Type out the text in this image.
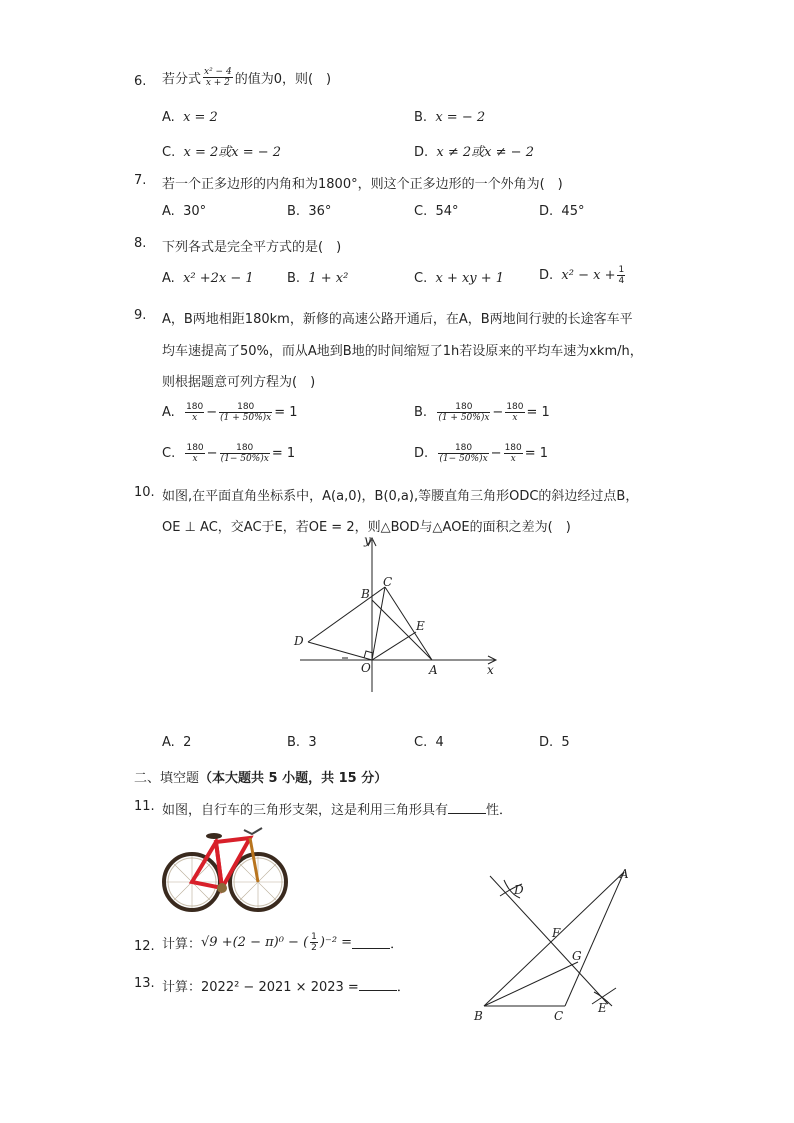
6. 若分式 $\frac{\text{x² − 4}}{x + 2}$ 的值为0，则(　)
A. x = 2	B. x = − 2
C. x = 2或x = − 2	D. x ≠ 2或x ≠ − 2
7. 若一个正多边形的内角和为1800°，则这个正多边形的一个外角为(　)
A. 30°	B. 36°	C. 54°	D. 45°
8. 下列各式是完全平方式的是(　)
A. x² +2x − 1	B. 1 + x²	C. x + xy + 1	D. $x^2 - x + \frac{1}{4}$
9. A，B两地相距180km，新修的高速公路开通后，在A，B两地间行驶的长途客车平
均车速提高了50%，而从A地到B地的时间缩短了1h若设原来的平均车速为xkm/h，
则根据题意可列方程为(　)
A. $\frac{180}{x} - \frac{180}{(1 + 50\%)x} = 1$	B. $\frac{180}{(1 + 50\%)x} - \frac{180}{x} = 1$
C. $\frac{180}{x} - \frac{180}{(1- 50\%)x} = 1$	D. $\frac{180}{(1- 50\%)x} - \frac{180}{x} = 1$
10. 如图,在平面直角坐标系中，A(a,0)，B(0,a),等腰直角三角形ODC的斜边经过点B，
OE ⊥ AC，交AC于E，若OE = 2，则△BOD与△AOE的面积之差为(　)
y
x
B
C
D
E
O	A
A. 2	B. 3	C. 4	D. 5
二、填空题（本大题共 5 小题，共 15 分）
11. 如图，自行车的三角形支架，这是利用三角形具有	性．
12. 计算：√9 +(2 − π)⁰ − ( $\frac{1}{2} )^{-2}$ =	．
13. 计算：2022² − 2021 × 2023 =	．
D
A
F
G
B	C
E
